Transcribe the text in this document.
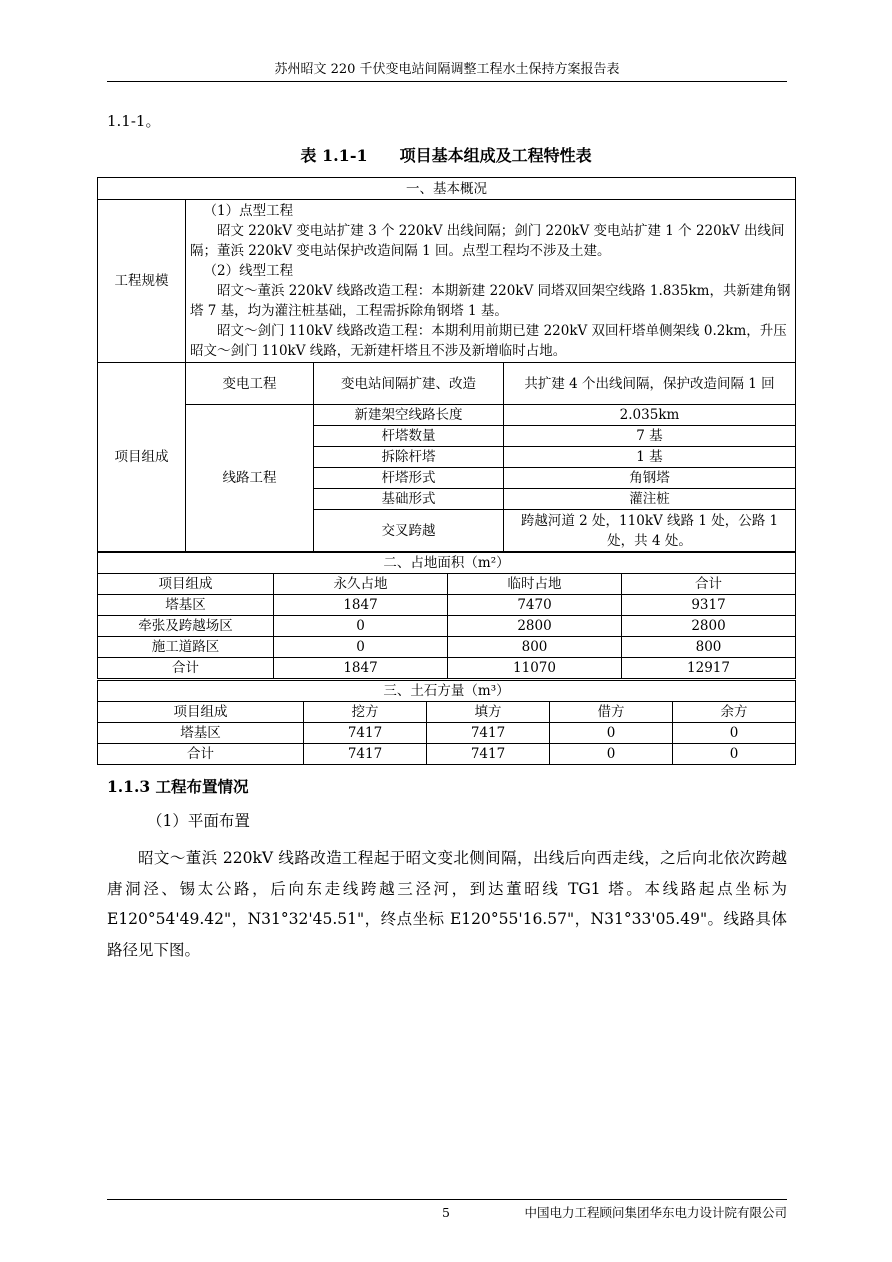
苏州昭文 220 千伏变电站间隔调整工程水土保持方案报告表
1.1-1。
表 1.1-1　　项目基本组成及工程特性表
一、基本概况			
工程规模	（1）点型工程
昭文 220kV 变电站扩建 3 个 220kV 出线间隔；剑门 220kV 变电站扩建 1 个 220kV 出线间隔；董浜 220kV 变电站保护改造间隔 1 回。点型工程均不涉及土建。
（2）线型工程
昭文～董浜 220kV 线路改造工程：本期新建 220kV 同塔双回架空线路 1.835km，共新建角钢塔 7 基，均为灌注桩基础，工程需拆除角钢塔 1 基。
昭文～剑门 110kV 线路改造工程：本期利用前期已建 220kV 双回杆塔单侧架线 0.2km，升压昭文～剑门 110kV 线路，无新建杆塔且不涉及新增临时占地。		

项目组成	变电工程	变电站间隔扩建、改造	共扩建 4 个出线间隔，保护改造间隔 1 回
	线路工程	新建架空线路长度	2.035km
		杆塔数量	7 基
		拆除杆塔	1 基
		杆塔形式	角钢塔
		基础形式	灌注桩
		交叉跨越	跨越河道 2 处，110kV 线路 1 处，公路 1 处，共 4 处。
二、占地面积（m²）			
项目组成	永久占地	临时占地	合计
塔基区	1847	7470	9317
牵张及跨越场区	0	2800	2800
施工道路区	0	800	800
合计	1847	11070	12917
三、土石方量（m³）				
项目组成	挖方	填方	借方	余方
塔基区	7417	7417	0	0
合计	7417	7417	0	0
1.1.3 工程布置情况
（1）平面布置
昭文～董浜 220kV 线路改造工程起于昭文变北侧间隔，出线后向西走线，之后向北依次跨越唐洞泾、锡太公路，后向东走线跨越三泾河，到达董昭线 TG1 塔。本线路起点坐标为 E120°54'49.42"，N31°32'45.51"，终点坐标 E120°55'16.57"，N31°33'05.49"。线路具体路径见下图。
5	中国电力工程顾问集团华东电力设计院有限公司
